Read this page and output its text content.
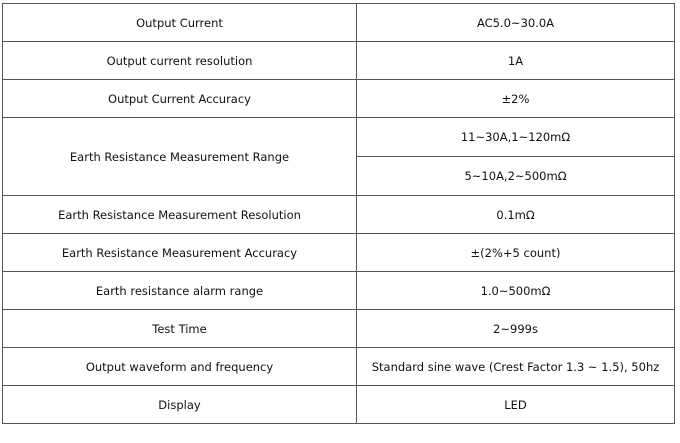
Output Current	AC5.0~30.0A
Output current resolution	1A
Output Current Accuracy	±2%
Earth Resistance Measurement Range	11~30A,1~120mΩ
	5~10A,2~500mΩ
Earth Resistance Measurement Resolution	0.1mΩ
Earth Resistance Measurement Accuracy	±(2%+5 count)
Earth resistance alarm range	1.0~500mΩ
Test Time	2~999s
Output waveform and frequency	Standard sine wave (Crest Factor 1.3 ~ 1.5), 50hz
Display	LED
